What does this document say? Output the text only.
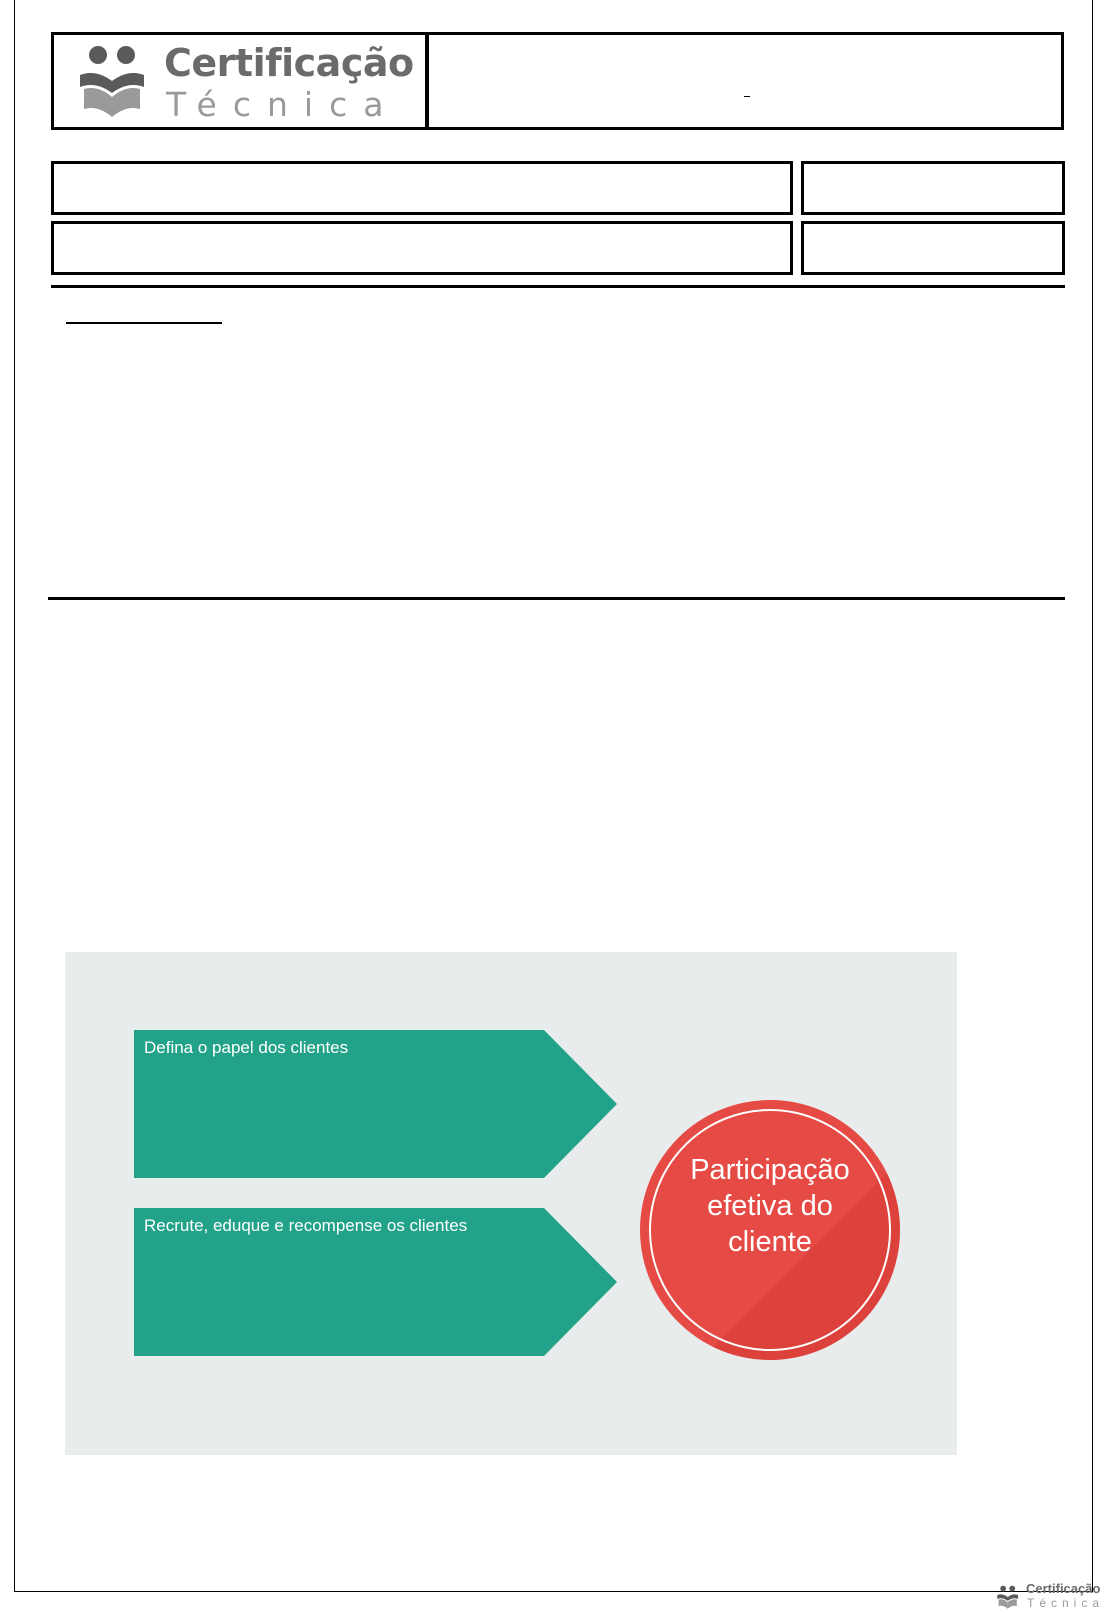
Certificação
Técnica
Defina o papel dos clientes
Recrute, eduque e recompense os clientes
Participação
efetiva do
cliente
Certificação
Técnica
